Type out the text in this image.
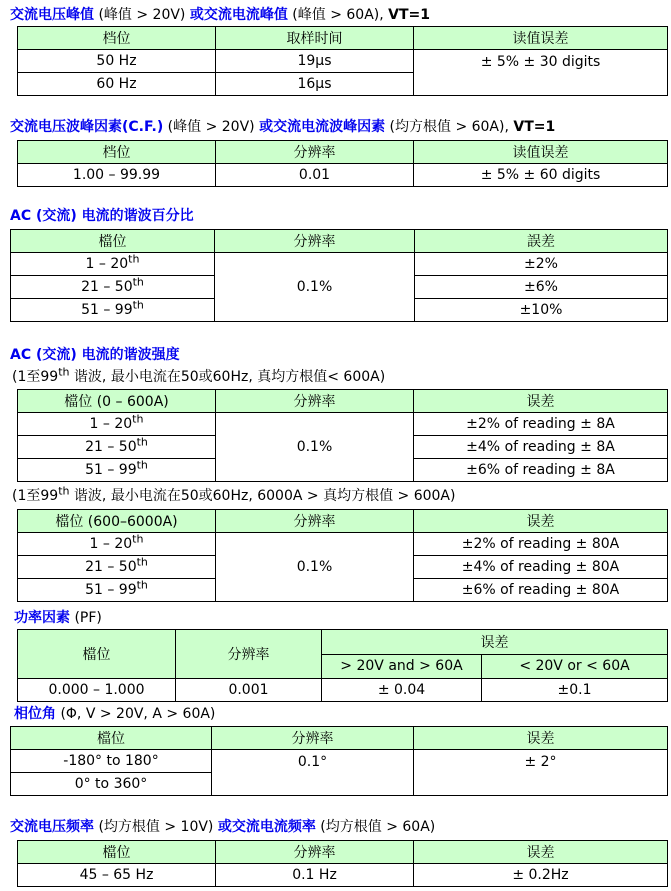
交流电压峰值 (峰值 > 20V) 或交流电流峰值 (峰值 > 60A), VT=1
档位	取样时间	读值误差
50 Hz	19µs	± 5% ± 30 digits
60 Hz	16µs	
交流电压波峰因素(C.F.) (峰值 > 20V) 或交流电流波峰因素 (均方根值 > 60A), VT=1
档位	分辨率	读值误差
1.00 – 99.99	0.01	± 5% ± 60 digits
AC (交流) 电流的谐波百分比
檔位	分辨率	誤差
1 – 20th	0.1%	±2%
21 – 50th		±6%
51 – 99th		±10%
AC (交流) 电流的谐波强度
(1至99th 谐波, 最小电流在50或60Hz, 真均方根值< 600A)
檔位 (0 – 600A)	分辨率	误差
1 – 20th	0.1%	±2% of reading ± 8A
21 – 50th		±4% of reading ± 8A
51 – 99th		±6% of reading ± 8A
(1至99th 谐波, 最小电流在50或60Hz, 6000A > 真均方根值 > 600A)
檔位 (600–6000A)	分辨率	误差
1 – 20th	0.1%	±2% of reading ± 80A
21 – 50th		±4% of reading ± 80A
51 – 99th		±6% of reading ± 80A
功率因素 (PF)
檔位	分辨率	误差	
		> 20V and > 60A	< 20V or < 60A
0.000 – 1.000	0.001	± 0.04	±0.1
相位角 (Φ, V > 20V, A > 60A)
檔位	分辨率	误差
-180° to 180°	0.1°	± 2°
0° to 360°		
交流电压频率 (均方根值 > 10V) 或交流电流频率 (均方根值 > 60A)
檔位	分辨率	误差
45 – 65 Hz	0.1 Hz	± 0.2Hz
